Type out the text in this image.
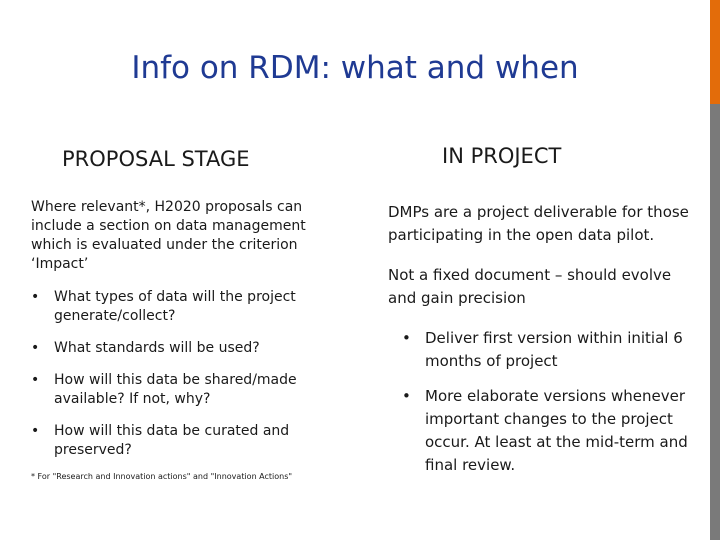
Info on RDM: what and when
PROPOSAL STAGE

Where relevant*, H2020 proposals can include a section on data management which is evaluated under the criterion ‘Impact’

• What types of data will the project generate/collect?
• What standards will be used?
• How will this data be shared/made available? If not, why?
• How will this data be curated and preserved?

* For "Research and Innovation actions" and "Innovation Actions"

IN PROJECT

DMPs are a project deliverable for those participating in the open data pilot.

Not a fixed document – should evolve and gain precision

• Deliver first version within initial 6 months of project
• More elaborate versions whenever important changes to the project occur. At least at the mid-term and final review.
